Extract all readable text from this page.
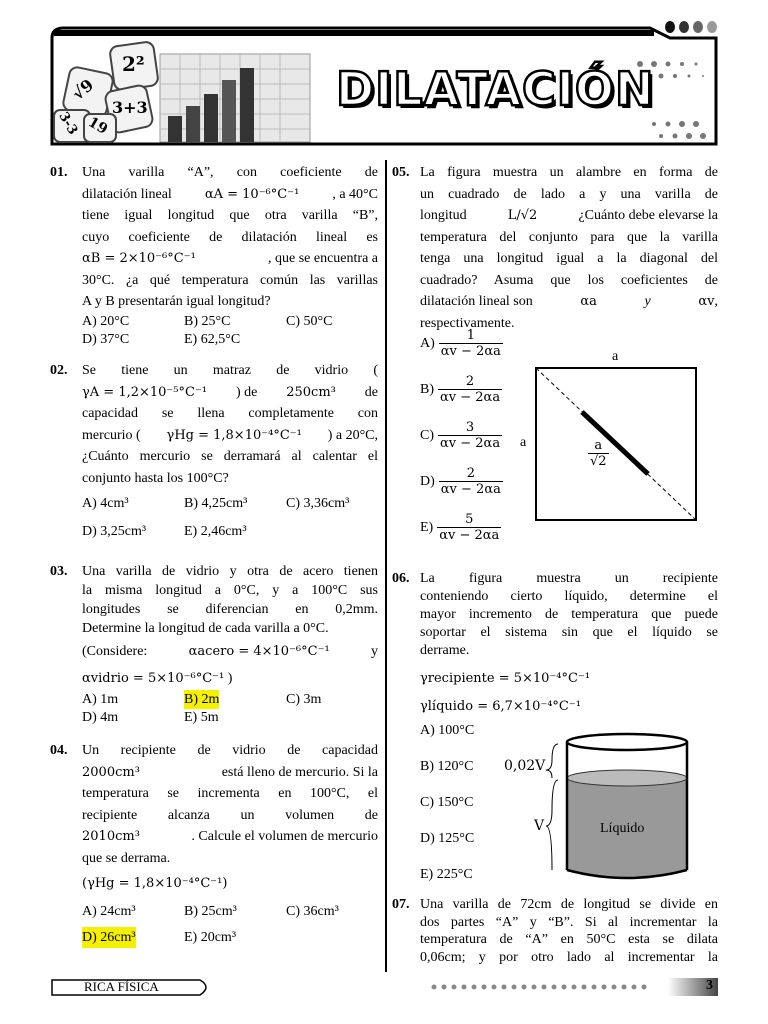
2²
√9
3+3
3-3 19
DILATACIÓN
01. Una varilla “A”, con coeficiente de
dilatación lineal	αA = 10⁻⁶°C⁻¹ , a 40°C
tiene igual longitud que otra varilla “B”,
cuyo coeficiente de dilatación lineal es
αB = 2×10⁻⁶°C⁻¹	, que se encuentra a
30°C. ¿a qué temperatura común las varillas
A y B presentarán igual longitud?
A) 20°C	B) 25°C	C) 50°C
D) 37°C	E) 62,5°C
02. Se tiene un matraz de vidrio (
γA = 1,2×10⁻⁵°C⁻¹ ) de 250cm³ de
capacidad se llena completamente con
mercurio ( γHg = 1,8×10⁻⁴°C⁻¹ ) a 20°C,
¿Cuánto mercurio se derramará al calentar el
conjunto hasta los 100°C?
A) 4cm³	B) 4,25cm³	C) 3,36cm³
D) 3,25cm³	E) 2,46cm³
03. Una varilla de vidrio y otra de acero tienen
la misma longitud a 0°C, y a 100°C sus
longitudes se diferencian en 0,2mm.
Determine la longitud de cada varilla a 0°C.
(Considere:	αacero = 4×10⁻⁶°C⁻¹	y
αvidrio = 5×10⁻⁶°C⁻¹ )
A) 1m	B) 2m	C) 3m
D) 4m	E) 5m
04. Un recipiente de vidrio de capacidad
2000cm³	está lleno de mercurio. Si la
temperatura se incrementa en 100°C, el
recipiente alcanza un volumen de
2010cm³	. Calcule el volumen de mercurio
que se derrama.
(γHg = 1,8×10⁻⁴°C⁻¹)
A) 24cm³	B) 25cm³	C) 36cm³
D) 26cm³	E) 20cm³
05. La figura muestra un alambre en forma de
un cuadrado de lado a y una varilla de
longitud	L/√2	¿Cuánto debe elevarse la
temperatura del conjunto para que la varilla
tenga una longitud igual a la diagonal del
cuadrado? Asuma que los coeficientes de
dilatación lineal son	αa	y	αv,
respectivamente.
$A) \frac{1}{\alpha v - 2\alpha a}$
$B) \frac{2}{\alpha v - 2\alpha a}$
$C) \frac{3}{\alpha v - 2\alpha a}$
$D) \frac{2}{\alpha v - 2\alpha a}$
$E) \frac{5}{\alpha v - 2\alpha a}$
a
a	$\frac{a}{√2}$
06. La figura muestra un recipiente
conteniendo cierto líquido, determine el
mayor incremento de temperatura que puede
soportar el sistema sin que el líquido se
derrame.
γrecipiente = 5×10⁻⁴°C⁻¹
γlíquido = 6,7×10⁻⁴°C⁻¹
A) 100°C
B) 120°C
C) 150°C
D) 125°C
E) 225°C
0,02V
V	Líquido
07. Una varilla de 72cm de longitud se divide en
dos partes “A” y “B”. Si al incrementar la
temperatura de “A” en 50°C esta se dilata
0,06cm; y por otro lado al incrementar la
RICA FÍSICA	3
